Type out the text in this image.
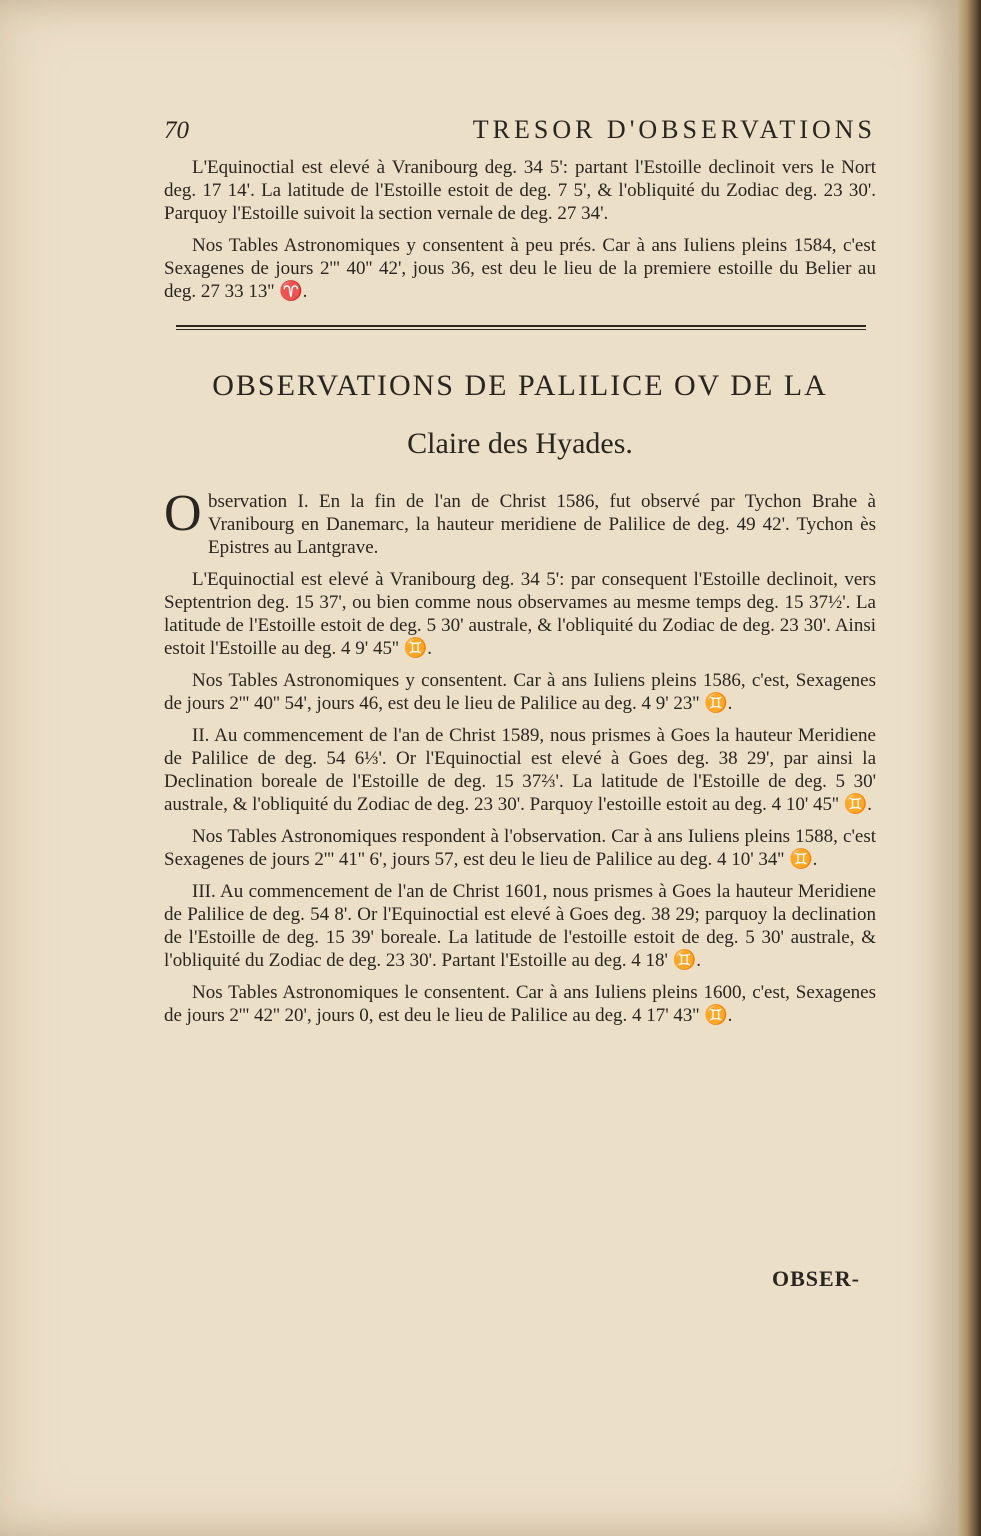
70	TRESOR D'OBSERVATIONS

L'Equinoctial est elevé à Vranibourg deg. 34 5': partant l'Estoille declinoit vers le Nort deg. 17 14'. La latitude de l'Estoille estoit de deg. 7 5', & l'obliquité du Zodiac deg. 23 30'. Parquoy l'Estoille suivoit la section vernale de deg. 27 34'.

Nos Tables Astronomiques y consentent à peu prés. Car à ans Iuliens pleins 1584, c'est Sexagenes de jours 2''' 40'' 42', jous 36, est deu le lieu de la premiere estoille du Belier au deg. 27 33 13'' ♈.

OBSERVATIONS DE PALILICE OV DE LA
Claire des Hyades.

O bservation I. En la fin de l'an de Christ 1586, fut observé par Tychon Brahe à Vranibourg en Danemarc, la hauteur meridiene de Palilice de deg. 49 42'. Tychon ès Epistres au Lantgrave.

L'Equinoctial est elevé à Vranibourg deg. 34 5': par consequent l'Estoille declinoit, vers Septentrion deg. 15 37', ou bien comme nous observames au mesme temps deg. 15 37½'. La latitude de l'Estoille estoit de deg. 5 30' australe, & l'obliquité du Zodiac de deg. 23 30'. Ainsi estoit l'Estoille au deg. 4 9' 45'' ♊.

Nos Tables Astronomiques y consentent. Car à ans Iuliens pleins 1586, c'est, Sexagenes de jours 2''' 40'' 54', jours 46, est deu le lieu de Palilice au deg. 4 9' 23'' ♊.

II. Au commencement de l'an de Christ 1589, nous prismes à Goes la hauteur Meridiene de Palilice de deg. 54 6⅓'. Or l'Equinoctial est elevé à Goes deg. 38 29', par ainsi la Declination boreale de l'Estoille de deg. 15 37⅔'. La latitude de l'Estoille de deg. 5 30' australe, & l'obliquité du Zodiac de deg. 23 30'. Parquoy l'estoille estoit au deg. 4 10' 45'' ♊.

Nos Tables Astronomiques respondent à l'observation. Car à ans Iuliens pleins 1588, c'est Sexagenes de jours 2''' 41'' 6', jours 57, est deu le lieu de Palilice au deg. 4 10' 34'' ♊.

III. Au commencement de l'an de Christ 1601, nous prismes à Goes la hauteur Meridiene de Palilice de deg. 54 8'. Or l'Equinoctial est elevé à Goes deg. 38 29; parquoy la declination de l'Estoille de deg. 15 39' boreale. La latitude de l'estoille estoit de deg. 5 30' australe, & l'obliquité du Zodiac de deg. 23 30'. Partant l'Estoille au deg. 4 18' ♊.

Nos Tables Astronomiques le consentent. Car à ans Iuliens pleins 1600, c'est, Sexagenes de jours 2''' 42'' 20', jours 0, est deu le lieu de Palilice au deg. 4 17' 43'' ♊.

OBSER-
